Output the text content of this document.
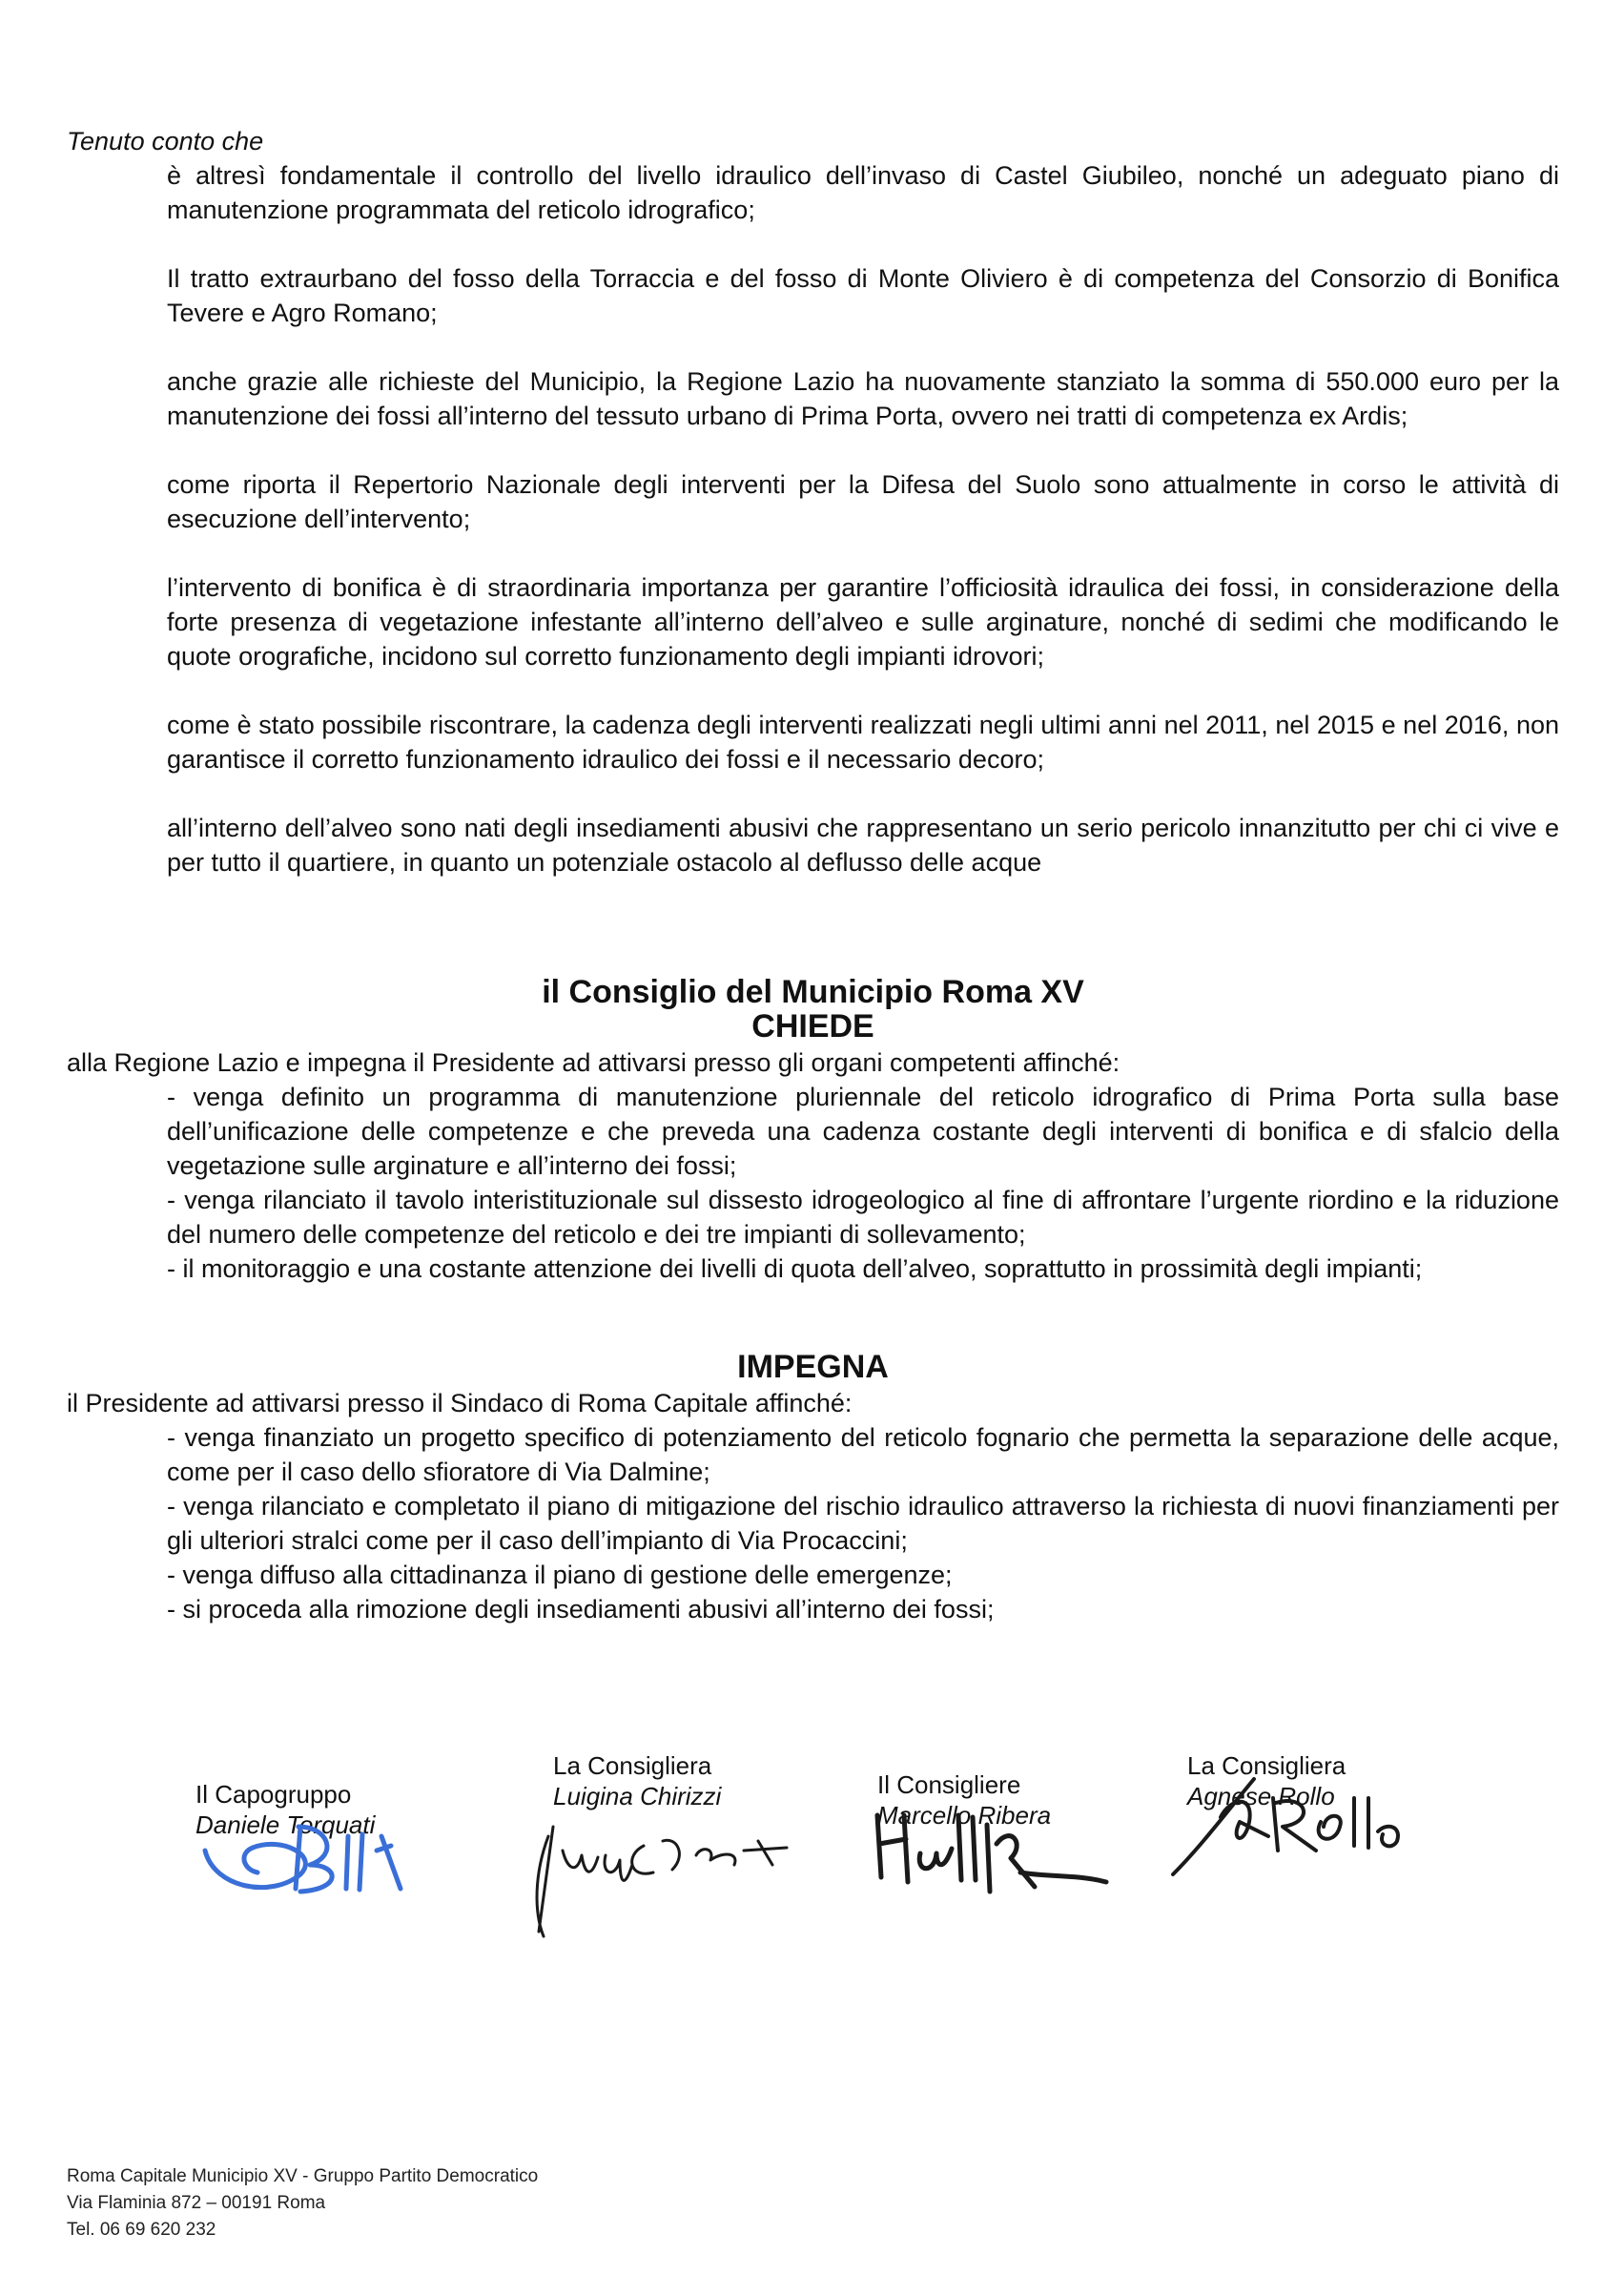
Tenuto conto che

è altresì fondamentale il controllo del livello idraulico dell’invaso di Castel Giubileo, nonché un adeguato piano di manutenzione programmata del reticolo idrografico;

Il tratto extraurbano del fosso della Torraccia e del fosso di Monte Oliviero è di competenza del Consorzio di Bonifica Tevere e Agro Romano;

anche grazie alle richieste del Municipio, la Regione Lazio ha nuovamente stanziato la somma di 550.000 euro per la manutenzione dei fossi all’interno del tessuto urbano di Prima Porta, ovvero nei tratti di competenza ex Ardis;

come riporta il Repertorio Nazionale degli interventi per la Difesa del Suolo sono attualmente in corso le attività di esecuzione dell’intervento;

l’intervento di bonifica è di straordinaria importanza per garantire l’officiosità idraulica dei fossi, in considerazione della forte presenza di vegetazione infestante all’interno dell’alveo e sulle arginature, nonché di sedimi che modificando le quote orografiche, incidono sul corretto funzionamento degli impianti idrovori;

come è stato possibile riscontrare, la cadenza degli interventi realizzati negli ultimi anni nel 2011, nel 2015 e nel 2016, non garantisce il corretto funzionamento idraulico dei fossi e il necessario decoro;

all’interno dell’alveo sono nati degli insediamenti abusivi che rappresentano un serio pericolo innanzitutto per chi ci vive e per tutto il quartiere, in quanto un potenziale ostacolo al deflusso delle acque

il Consiglio del Municipio Roma XV
CHIEDE

alla Regione Lazio e impegna il Presidente ad attivarsi presso gli organi competenti affinché:

- venga definito un programma di manutenzione pluriennale del reticolo idrografico di Prima Porta sulla base dell’unificazione delle competenze e che preveda una cadenza costante degli interventi di bonifica e di sfalcio della vegetazione sulle arginature e all’interno dei fossi;
- venga rilanciato il tavolo interistituzionale sul dissesto idrogeologico al fine di affrontare l’urgente riordino e la riduzione del numero delle competenze del reticolo e dei tre impianti di sollevamento;
- il monitoraggio e una costante attenzione dei livelli di quota dell’alveo, soprattutto in prossimità degli impianti;
IMPEGNA

il Presidente ad attivarsi presso il Sindaco di Roma Capitale affinché:

- venga finanziato un progetto specifico di potenziamento del reticolo fognario che permetta la separazione delle acque, come per il caso dello sfioratore di Via Dalmine;
- venga rilanciato e completato il piano di mitigazione del rischio idraulico attraverso la richiesta di nuovi finanziamenti per gli ulteriori stralci come per il caso dell’impianto di Via Procaccini;
- venga diffuso alla cittadinanza il piano di gestione delle emergenze;
- si proceda alla rimozione degli insediamenti abusivi all’interno dei fossi;
Il Capogruppo
Daniele Torquati
La Consigliera
Luigina Chirizzi	Il Consigliere
Marcello Ribera
La Consigliera
Agnese Rollo
Roma Capitale Municipio XV - Gruppo Partito Democratico
Via Flaminia 872 – 00191 Roma
Tel. 06 69 620 232
